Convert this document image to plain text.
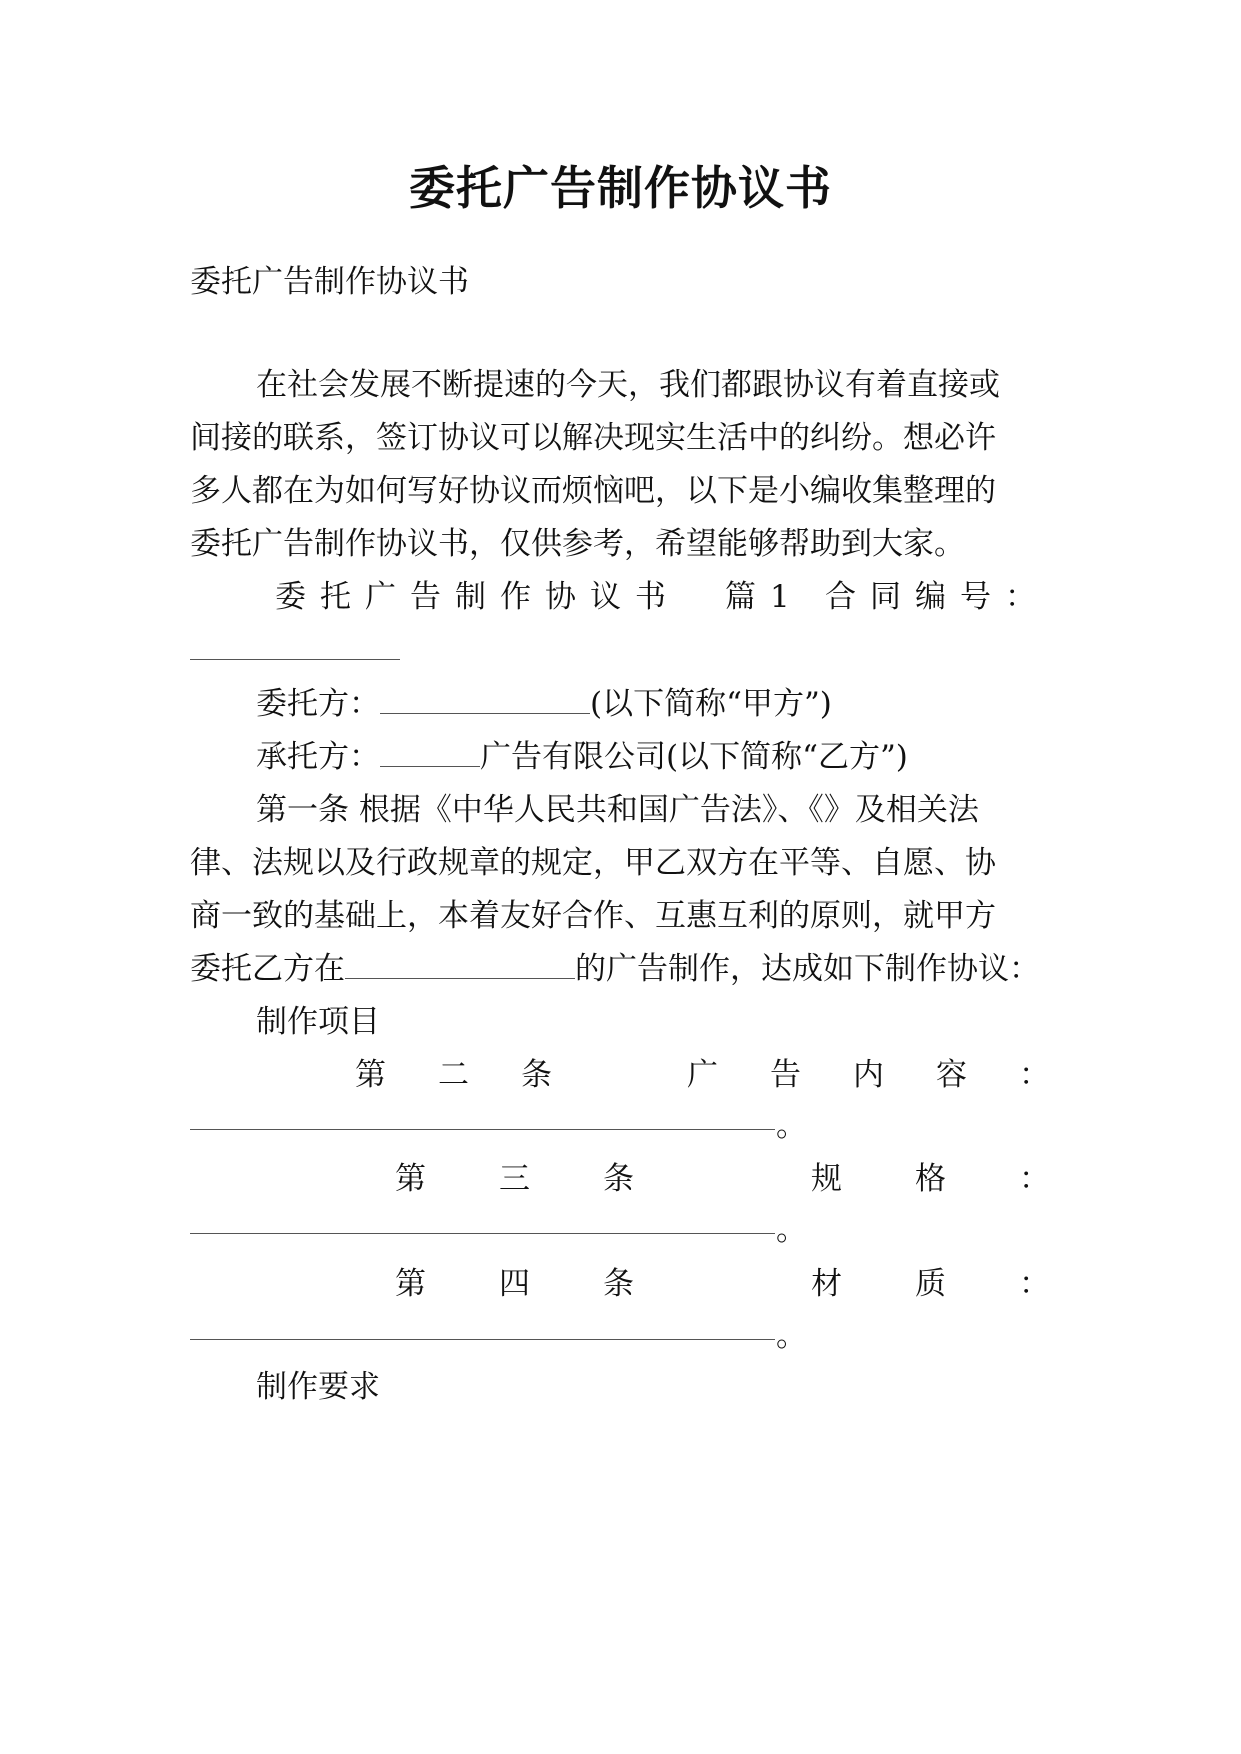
委托广告制作协议书
委托广告制作协议书
在社会发展不断提速的今天，我们都跟协议有着直接或
间接的联系，签订协议可以解决现实生活中的纠纷。想必许
多人都在为如何写好协议而烦恼吧，以下是小编收集整理的
委托广告制作协议书，仅供参考，希望能够帮助到大家。
委托广告制作协议书　篇1 合同编号：
委托方：	(以下简称“甲方”)
承托方：	广告有限公司(以下简称“乙方”)
第一条 根据《中华人民共和国广告法》、《》及相关法
律、法规以及行政规章的规定，甲乙双方在平等、自愿、协
商一致的基础上，本着友好合作、互惠互利的原则，就甲方
委托乙方在	的广告制作，达成如下制作协议：
制作项目
第二条　广告内容：
。
第三条　规格：
。
第四条　材质：
。
制作要求
